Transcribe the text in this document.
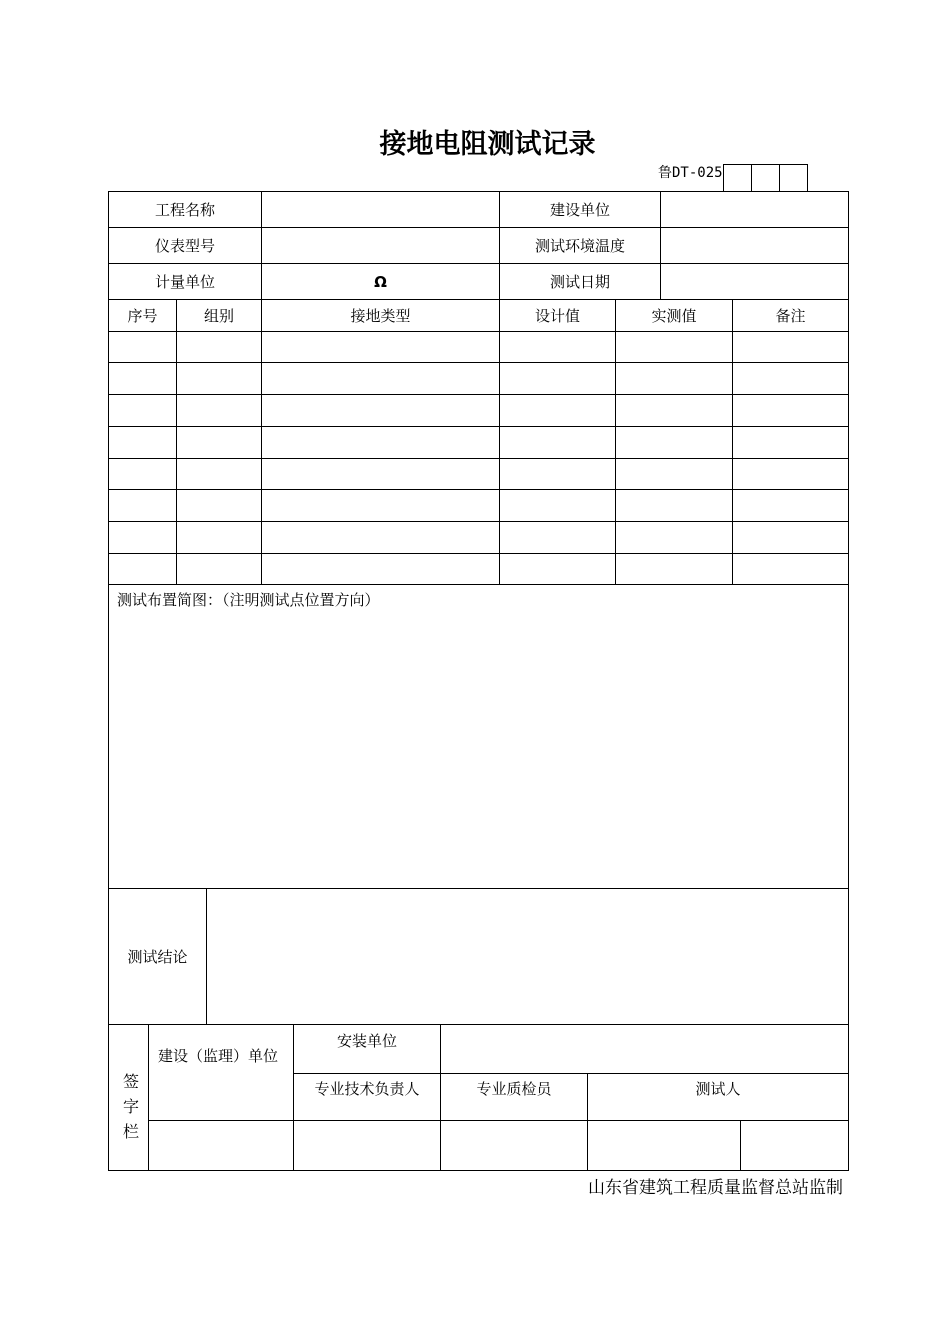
接地电阻测试记录
鲁DT-025
工程名称	建设单位
仪表型号	测试环境温度
计量单位	Ω	测试日期
序号	组别	接地类型	设计值	实测值	备注
测试布置简图：（注明测试点位置方向）
测试结论
签
字
栏
建设（监理）单位
安装单位
专业技术负责人	专业质检员	测试人
山东省建筑工程质量监督总站监制
